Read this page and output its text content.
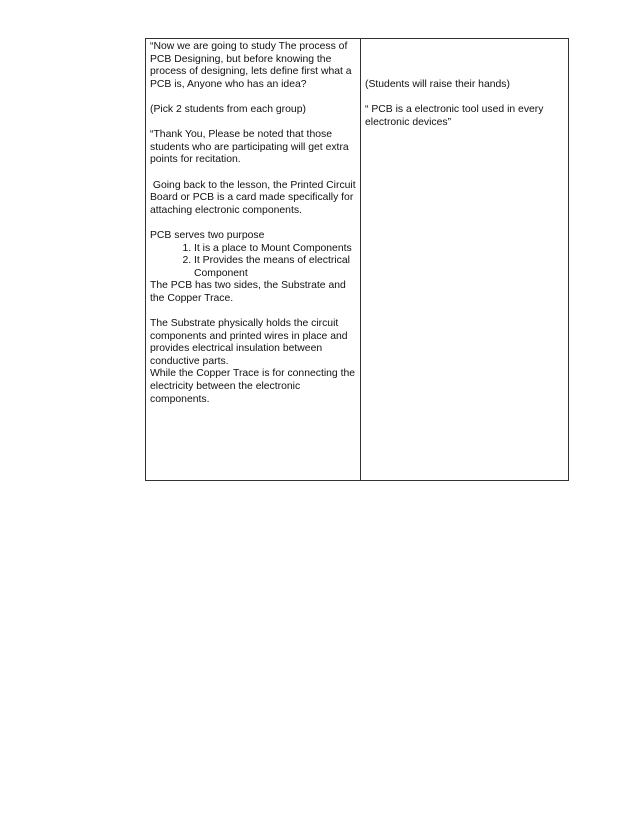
“Now we are going to study The process of PCB Designing, but before knowing the process of designing, lets define first what a PCB is, Anyone who has an idea?

(Pick 2 students from each group)

“Thank You, Please be noted that those students who are participating will get extra points for recitation.

Going back to the lesson, the Printed Circuit Board or PCB is a card made specifically for attaching electronic components.

PCB serves two purpose

1. It is a place to Mount Components
2. It Provides the means of electrical Component

The PCB has two sides, the Substrate and the Copper Trace.

The Substrate physically holds the circuit components and printed wires in place and provides electrical insulation between conductive parts.

While the Copper Trace is for connecting the electricity between the electronic components.

(Students will raise their hands)

“ PCB is a electronic tool used in every electronic devices”
